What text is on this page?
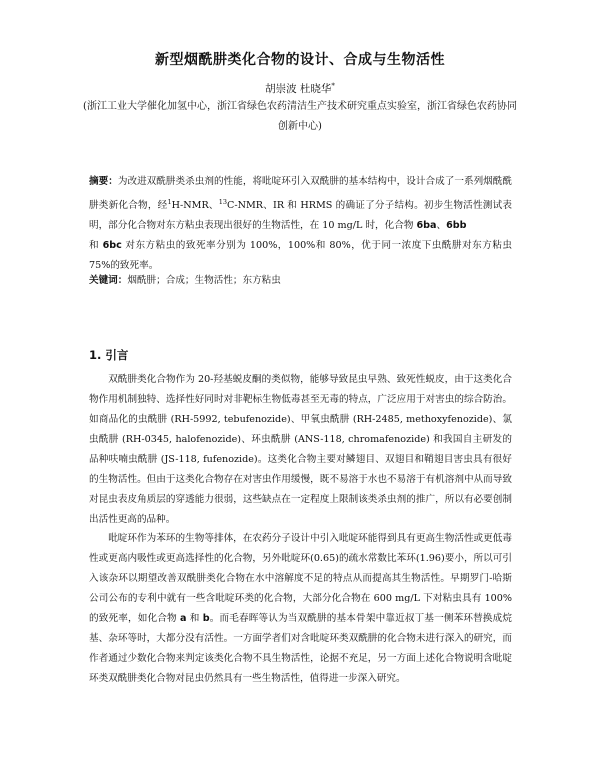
新型烟酰肼类化合物的设计、合成与生物活性
胡崇波 杜晓华*
(浙江工业大学催化加氢中心，浙江省绿色农药清洁生产技术研究重点实验室，浙江省绿色农药协同创新中心)
摘要：为改进双酰肼类杀虫剂的性能，将吡啶环引入双酰肼的基本结构中，设计合成了一系列烟酰酰肼类新化合物，经$^1$H-NMR、$^{13}$C-NMR、IR 和 HRMS 的确证了分子结构。初步生物活性测试表明，部分化合物对东方粘虫表现出很好的生物活性，在 10 mg/L 时，化合物 6ba、6bb
和 6bc 对东方粘虫的致死率分别为 100%，100%和 80%，优于同一浓度下虫酰肼对东方粘虫 75%的致死率。
关键词：烟酰肼；合成；生物活性；东方粘虫
1. 引言

双酰肼类化合物作为 20-羟基蜕皮酮的类似物，能够导致昆虫早熟、致死性蜕皮，由于这类化合物作用机制独特、选择性好同时对非靶标生物低毒甚至无毒的特点，广泛应用于对害虫的综合防治。如商品化的虫酰肼 (RH-5992, tebufenozide)、甲氧虫酰肼 (RH-2485, methoxyfenozide)、氯虫酰肼 (RH-0345, halofenozide)、环虫酰肼 (ANS-118, chromafenozide) 和我国自主研发的品种呋喃虫酰肼 (JS-118, fufenozide)。这类化合物主要对鳞翅目、双翅目和鞘翅目害虫具有很好的生物活性。但由于这类化合物存在对害虫作用缓慢，既不易溶于水也不易溶于有机溶剂中从而导致对昆虫表皮角质层的穿透能力很弱，这些缺点在一定程度上限制该类杀虫剂的推广，所以有必要创制出活性更高的品种。

吡啶环作为苯环的生物等排体，在农药分子设计中引入吡啶环能得到具有更高生物活性或更低毒性或更高内吸性或更高选择性的化合物，另外吡啶环(0.65)的疏水常数比苯环(1.96)要小，所以可引入该杂环以期望改善双酰肼类化合物在水中溶解度不足的特点从而提高其生物活性。早期罗门-哈斯公司公布的专利中就有一些含吡啶环类的化合物，大部分化合物在 600 mg/L 下对粘虫具有 100%的致死率，如化合物 a 和 b。而毛春晖等认为当双酰肼的基本骨架中靠近叔丁基一侧苯环替换成烷基、杂环等时，大都分没有活性。一方面学者们对含吡啶环类双酰肼的化合物未进行深入的研究，而作者通过少数化合物来判定该类化合物不具生物活性，论据不充足，另一方面上述化合物说明含吡啶环类双酰肼类化合物对昆虫仍然具有一些生物活性，值得进一步深入研究。
